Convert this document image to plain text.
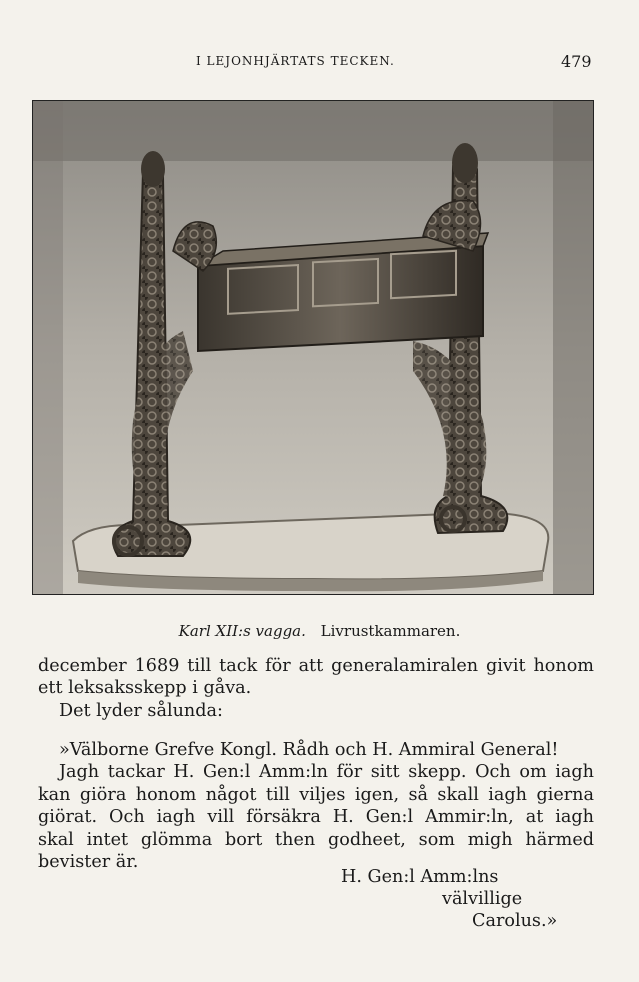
I LEJONHJÄRTATS TECKEN.	479
Karl XII:s vagga. Livrustkammaren.
december 1689 till tack för att generalamiralen givit honom
ett leksaksskepp i gåva.
Det lyder sålunda:
»Välborne Grefve Kongl. Rådh och H. Ammiral General!
Jagh tackar H. Gen:l Amm:ln för sitt skepp. Och om iagh
kan giöra honom något till viljes igen, så skall iagh gierna
giörat. Och iagh vill försäkra H. Gen:l Ammir:ln, at iagh
skal intet glömma bort then godheet, som migh härmed
bevister är.
H. Gen:l Amm:lns
välvillige
Carolus.»
